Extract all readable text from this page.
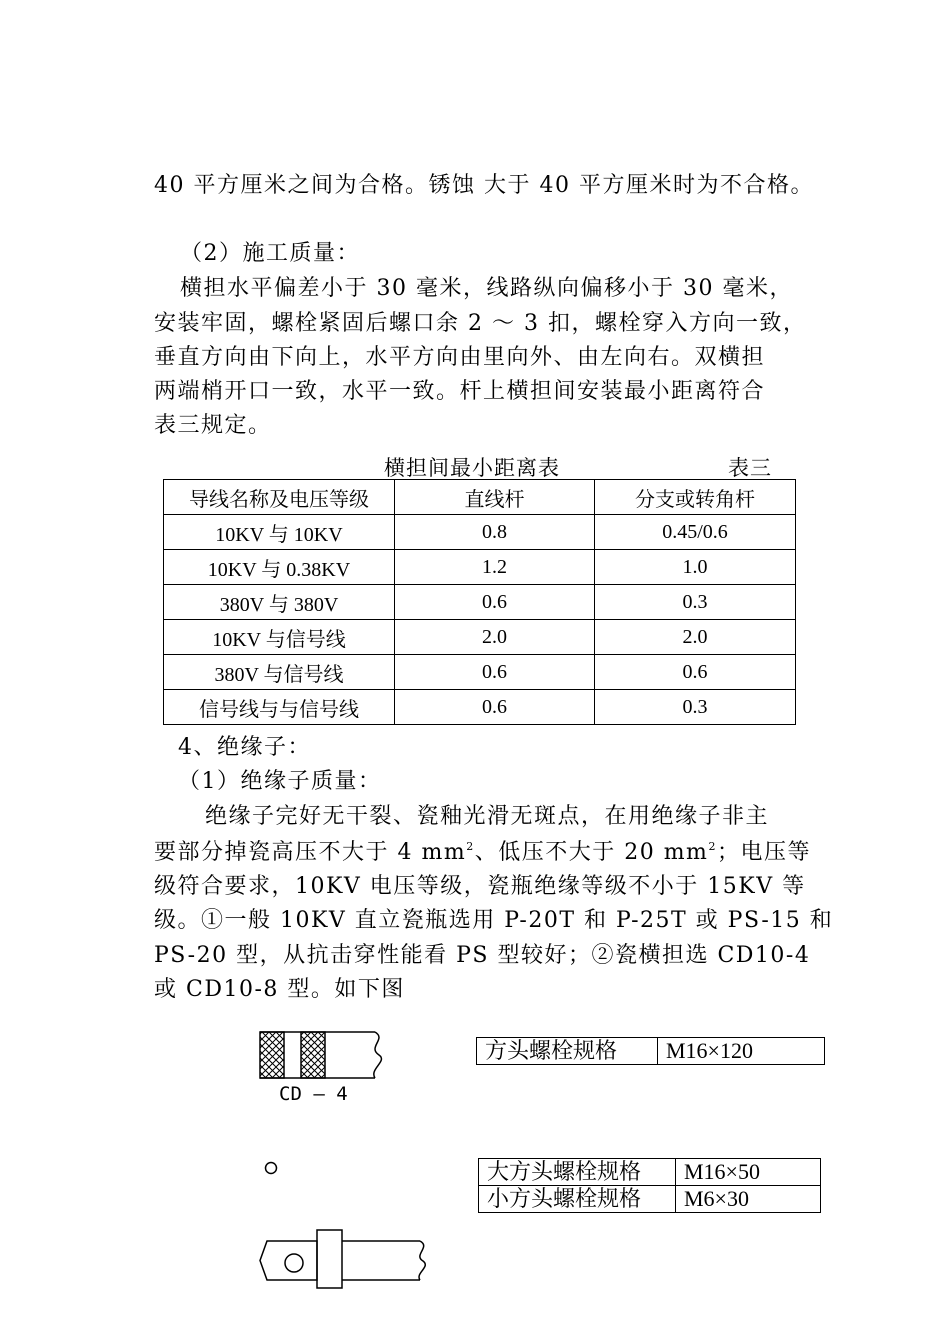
40 平方厘米之间为合格。锈蚀 大于 40 平方厘米时为不合格。
（2）施工质量：
横担水平偏差小于 30 毫米，线路纵向偏移小于 30 毫米，
安装牢固，螺栓紧固后螺口余 2 ～ 3 扣，螺栓穿入方向一致，
垂直方向由下向上，水平方向由里向外、由左向右。双横担
两端梢开口一致，水平一致。杆上横担间安装最小距离符合
表三规定。
横担间最小距离表	表三
导线名称及电压等级	直线杆	分支或转角杆
10KV 与 10KV	0.8	0.45/0.6
10KV 与 0.38KV	1.2	1.0
380V 与 380V	0.6	0.3
10KV 与信号线	2.0	2.0
380V 与信号线	0.6	0.6
信号线与与信号线	0.6	0.3
4、绝缘子：
（1）绝缘子质量：
绝缘子完好无干裂、瓷釉光滑无斑点，在用绝缘子非主
要部分掉瓷高压不大于 4 $mm^2$、低压不大于 20 $mm^2$；电压等
级符合要求，10KV 电压等级，瓷瓶绝缘等级不小于 15KV 等
级。①一般 10KV 直立瓷瓶选用 P-20T 和 P-25T 或 PS-15 和
PS-20 型，从抗击穿性能看 PS 型较好；②瓷横担选 CD10-4
或 CD10-8 型。如下图
CD — 4
方头螺栓规格	M16×120
大方头螺栓规格	M16×50
小方头螺栓规格	M6×30
